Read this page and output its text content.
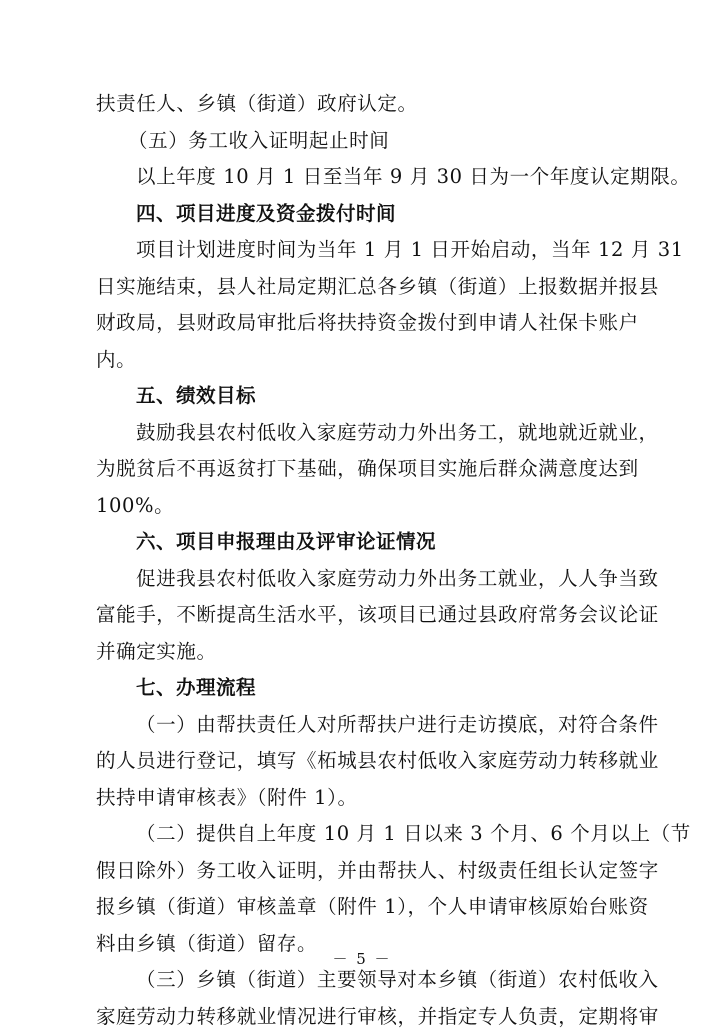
扶责任人、乡镇（街道）政府认定。
（五）务工收入证明起止时间
以上年度 10 月 1 日至当年 9 月 30 日为一个年度认定期限。
四、项目进度及资金拨付时间
项目计划进度时间为当年 1 月 1 日开始启动，当年 12 月 31
日实施结束，县人社局定期汇总各乡镇（街道）上报数据并报县
财政局，县财政局审批后将扶持资金拨付到申请人社保卡账户
内。
五、绩效目标
鼓励我县农村低收入家庭劳动力外出务工，就地就近就业，
为脱贫后不再返贫打下基础，确保项目实施后群众满意度达到
100%。
六、项目申报理由及评审论证情况
促进我县农村低收入家庭劳动力外出务工就业，人人争当致
富能手，不断提高生活水平，该项目已通过县政府常务会议论证
并确定实施。
七、办理流程
（一）由帮扶责任人对所帮扶户进行走访摸底，对符合条件
的人员进行登记，填写《柘城县农村低收入家庭劳动力转移就业
扶持申请审核表》（附件 1）。
（二）提供自上年度 10 月 1 日以来 3 个月、6 个月以上（节
假日除外）务工收入证明，并由帮扶人、村级责任组长认定签字
报乡镇（街道）审核盖章（附件 1），个人申请审核原始台账资
料由乡镇（街道）留存。
（三）乡镇（街道）主要领导对本乡镇（街道）农村低收入
家庭劳动力转移就业情况进行审核，并指定专人负责，定期将审
－ 5 －
